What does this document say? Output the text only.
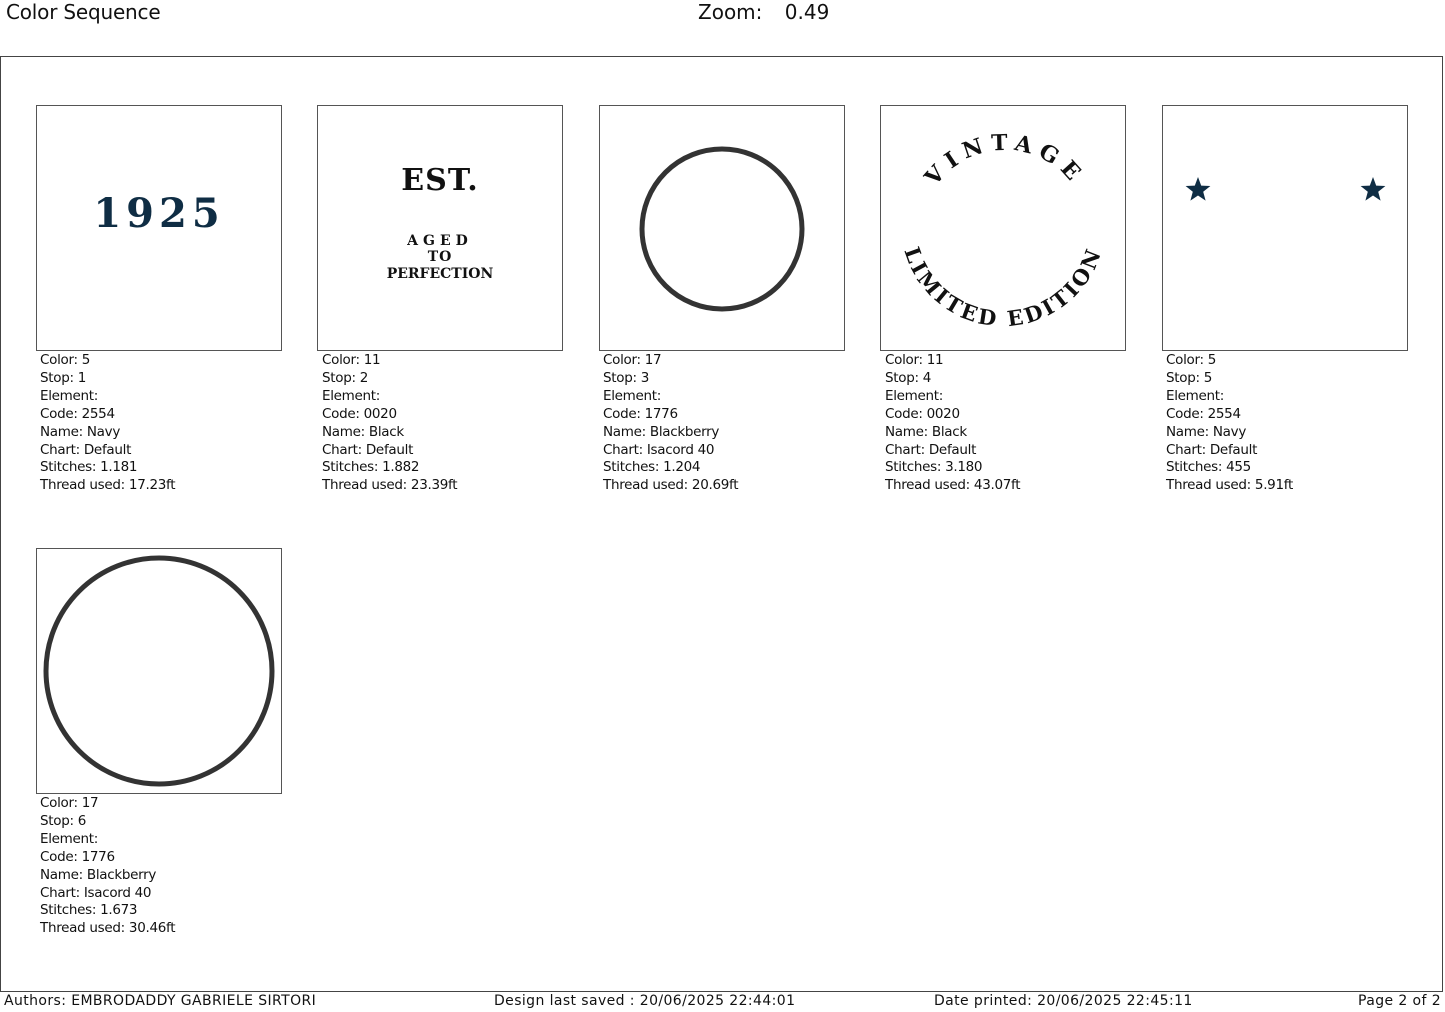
Color Sequence	Zoom: 0.49
1925
Color: 5
Stop: 1
Element:
Code: 2554
Name: Navy
Chart: Default
Stitches: 1.181
Thread used: 17.23ft
EST.
AGED
TO
PERFECTION
Color: 11
Stop: 2
Element:
Code: 0020
Name: Black
Chart: Default
Stitches: 1.882
Thread used: 23.39ft
Color: 17
Stop: 3
Element:
Code: 1776
Name: Blackberry
Chart: Isacord 40
Stitches: 1.204
Thread used: 20.69ft
VINTAGE
LIMITED EDITION
Color: 11
Stop: 4
Element:
Code: 0020
Name: Black
Chart: Default
Stitches: 3.180
Thread used: 43.07ft
Color: 5
Stop: 5
Element:
Code: 2554
Name: Navy
Chart: Default
Stitches: 455
Thread used: 5.91ft
Color: 17
Stop: 6
Element:
Code: 1776
Name: Blackberry
Chart: Isacord 40
Stitches: 1.673
Thread used: 30.46ft
Authors: EMBRODADDY GABRIELE SIRTORI	Design last saved : 20/06/2025 22:44:01	Date printed: 20/06/2025 22:45:11	Page 2 of 2
